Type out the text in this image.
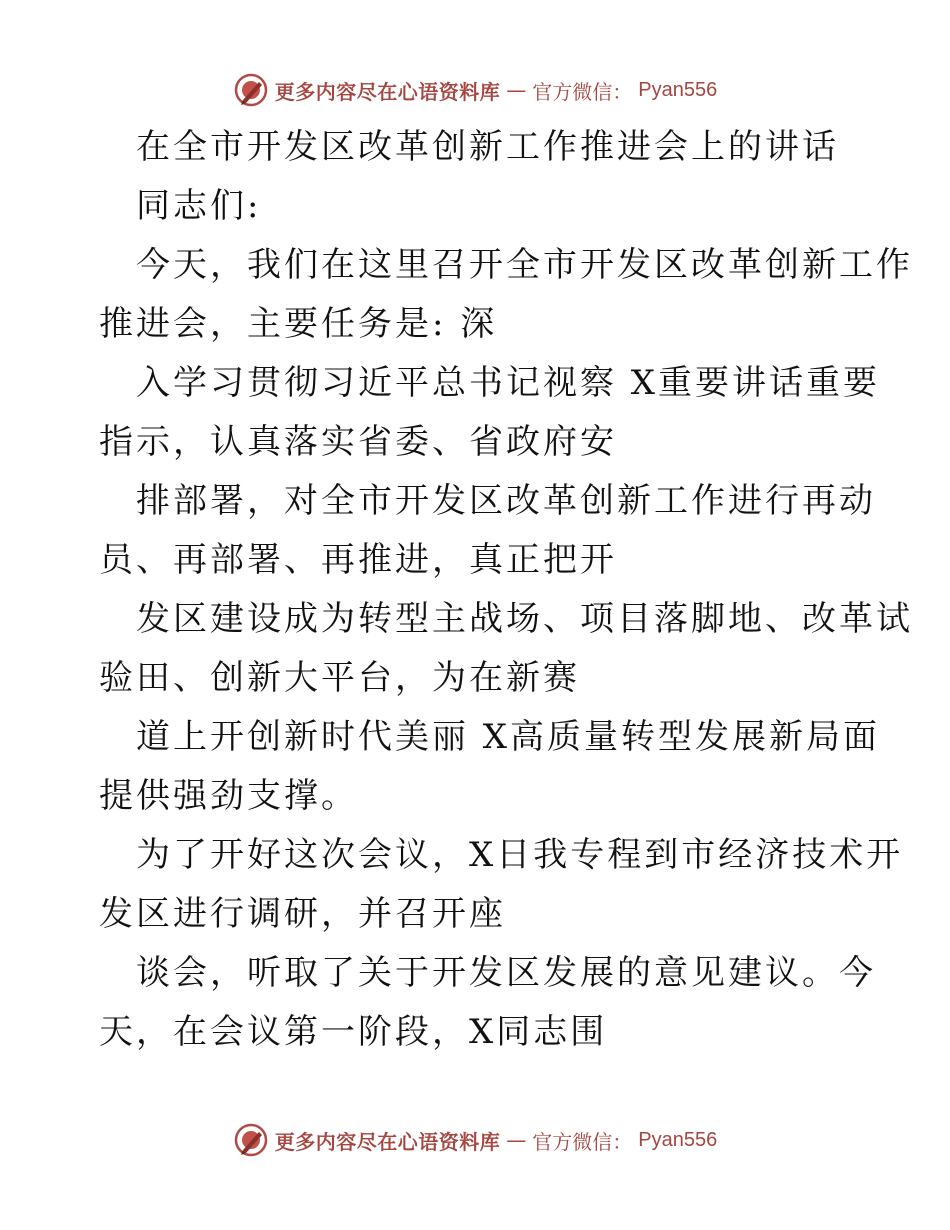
更多内容尽在心语资料库 — 官方微信： Pyan556
在全市开发区改革创新工作推进会上的讲话
同志们:
今天，我们在这里召开全市开发区改革创新工作
推进会，主要任务是: 深
入学习贯彻习近平总书记视察 X重要讲话重要
指示，认真落实省委、省政府安
排部署，对全市开发区改革创新工作进行再动
员、再部署、再推进，真正把开
发区建设成为转型主战场、项目落脚地、改革试
验田、创新大平台，为在新赛
道上开创新时代美丽 X高质量转型发展新局面
提供强劲支撑。
为了开好这次会议，X日我专程到市经济技术开
发区进行调研，并召开座
谈会，听取了关于开发区发展的意见建议。今
天，在会议第一阶段，X同志围
更多内容尽在心语资料库 — 官方微信： Pyan556
